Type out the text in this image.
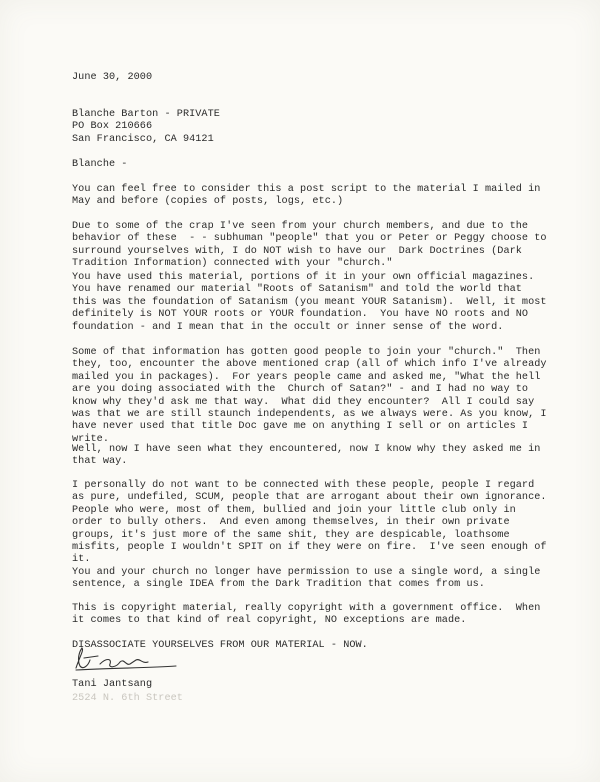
June 30, 2000

Blanche Barton - PRIVATE
PO Box 210666
San Francisco, CA 94121

Blanche -

You can feel free to consider this a post script to the material I mailed in
May and before (copies of posts, logs, etc.)

Due to some of the crap I've seen from your church members, and due to the
behavior of these  - - subhuman "people" that you or Peter or Peggy choose to
surround yourselves with, I do NOT wish to have our  Dark Doctrines (Dark
Tradition Information) connected with your "church."

You have used this material, portions of it in your own official magazines.
You have renamed our material "Roots of Satanism" and told the world that
this was the foundation of Satanism (you meant YOUR Satanism).  Well, it most
definitely is NOT YOUR roots or YOUR foundation.  You have NO roots and NO
foundation - and I mean that in the occult or inner sense of the word.

Some of that information has gotten good people to join your "church."  Then
they, too, encounter the above mentioned crap (all of which info I've already
mailed you in packages).  For years people came and asked me, "What the hell
are you doing associated with the  Church of Satan?" - and I had no way to
know why they'd ask me that way.  What did they encounter?  All I could say
was that we are still staunch independents, as we always were. As you know, I
have never used that title Doc gave me on anything I sell or on articles I
write.

Well, now I have seen what they encountered, now I know why they asked me in
that way.

I personally do not want to be connected with these people, people I regard
as pure, undefiled, SCUM, people that are arrogant about their own ignorance.
People who were, most of them, bullied and join your little club only in
order to bully others.  And even among themselves, in their own private
groups, it's just more of the same shit, they are despicable, loathsome
misfits, people I wouldn't SPIT on if they were on fire.  I've seen enough of
it.

You and your church no longer have permission to use a single word, a single
sentence, a single IDEA from the Dark Tradition that comes from us.

This is copyright material, really copyright with a government office.  When
it comes to that kind of real copyright, NO exceptions are made.

DISASSOCIATE YOURSELVES FROM OUR MATERIAL - NOW.

Tani Jantsang

2524 N. 6th Street
